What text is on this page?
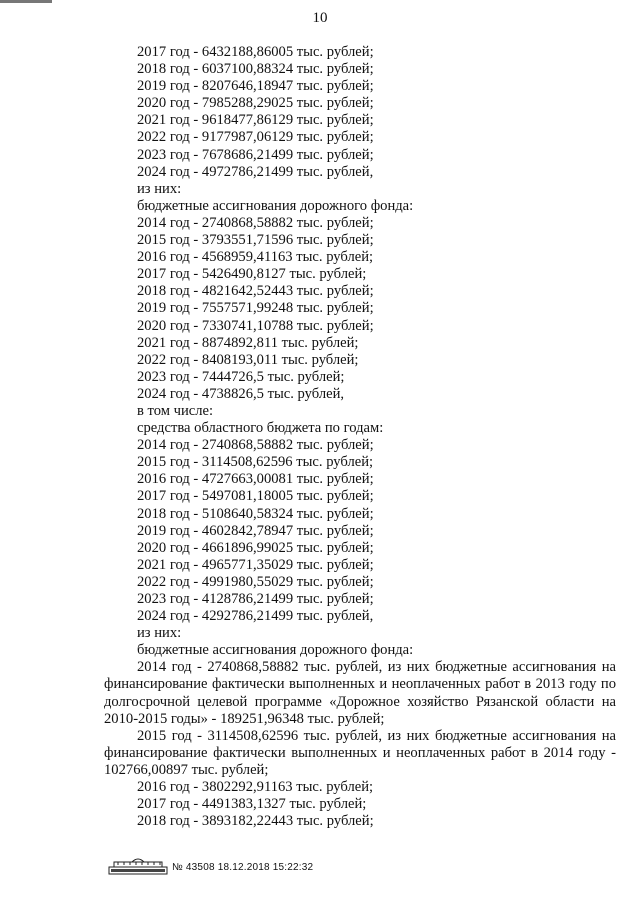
10
2017 год - 6432188,86005 тыс. рублей;
2018 год - 6037100,88324 тыс. рублей;
2019 год - 8207646,18947 тыс. рублей;
2020 год - 7985288,29025 тыс. рублей;
2021 год - 9618477,86129 тыс. рублей;
2022 год - 9177987,06129 тыс. рублей;
2023 год - 7678686,21499 тыс. рублей;
2024 год - 4972786,21499 тыс. рублей,
из них:
бюджетные ассигнования дорожного фонда:
2014 год - 2740868,58882 тыс. рублей;
2015 год - 3793551,71596 тыс. рублей;
2016 год - 4568959,41163 тыс. рублей;
2017 год - 5426490,8127 тыс. рублей;
2018 год - 4821642,52443 тыс. рублей;
2019 год - 7557571,99248 тыс. рублей;
2020 год - 7330741,10788 тыс. рублей;
2021 год - 8874892,811 тыс. рублей;
2022 год - 8408193,011 тыс. рублей;
2023 год - 7444726,5 тыс. рублей;
2024 год - 4738826,5 тыс. рублей,
в том числе:
средства областного бюджета по годам:
2014 год - 2740868,58882 тыс. рублей;
2015 год - 3114508,62596 тыс. рублей;
2016 год - 4727663,00081 тыс. рублей;
2017 год - 5497081,18005 тыс. рублей;
2018 год - 5108640,58324 тыс. рублей;
2019 год - 4602842,78947 тыс. рублей;
2020 год - 4661896,99025 тыс. рублей;
2021 год - 4965771,35029 тыс. рублей;
2022 год - 4991980,55029 тыс. рублей;
2023 год - 4128786,21499 тыс. рублей;
2024 год - 4292786,21499 тыс. рублей,
из них:
бюджетные ассигнования дорожного фонда:
2014 год - 2740868,58882 тыс. рублей, из них бюджетные ассигнования на финансирование фактически выполненных и неоплаченных работ в 2013 году по долгосрочной целевой программе «Дорожное хозяйство Рязанской области на 2010-2015 годы» - 189251,96348 тыс. рублей;
2015 год - 3114508,62596 тыс. рублей, из них бюджетные ассигнования на финансирование фактически выполненных и неоплаченных работ в 2014 году - 102766,00897 тыс. рублей;
2016 год - 3802292,91163 тыс. рублей;
2017 год - 4491383,1327 тыс. рублей;
2018 год - 3893182,22443 тыс. рублей;
№ 43508 18.12.2018 15:22:32
